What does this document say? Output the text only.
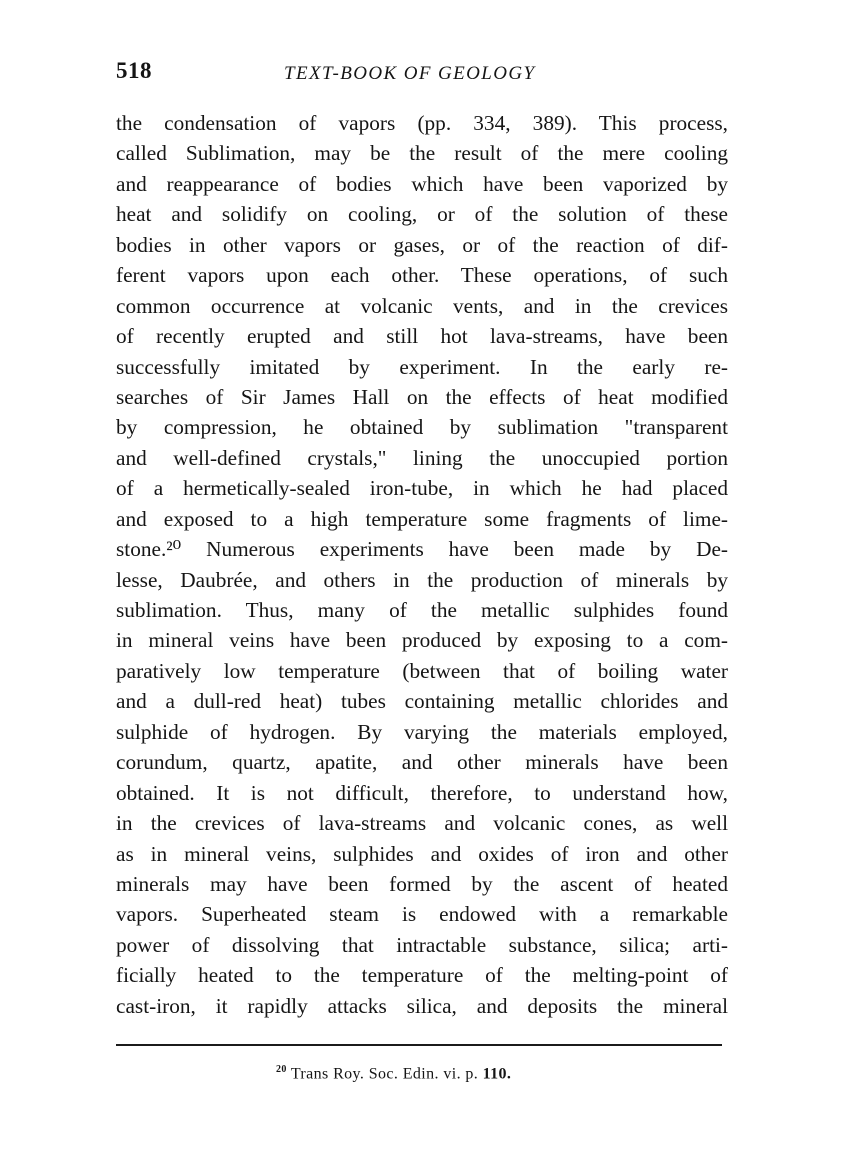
518	TEXT-BOOK OF GEOLOGY
the condensation of vapors (pp. 334, 389). This process,
called Sublimation, may be the result of the mere cooling
and reappearance of bodies which have been vaporized by
heat and solidify on cooling, or of the solution of these
bodies in other vapors or gases, or of the reaction of dif-
ferent vapors upon each other. These operations, of such
common occurrence at volcanic vents, and in the crevices
of recently erupted and still hot lava-streams, have been
successfully imitated by experiment. In the early re-
searches of Sir James Hall on the effects of heat modified
by compression, he obtained by sublimation "transparent
and well-defined crystals," lining the unoccupied portion
of a hermetically-sealed iron-tube, in which he had placed
and exposed to a high temperature some fragments of lime-
stone.²⁰ Numerous experiments have been made by De-
lesse, Daubrée, and others in the production of minerals by
sublimation. Thus, many of the metallic sulphides found
in mineral veins have been produced by exposing to a com-
paratively low temperature (between that of boiling water
and a dull-red heat) tubes containing metallic chlorides and
sulphide of hydrogen. By varying the materials employed,
corundum, quartz, apatite, and other minerals have been
obtained. It is not difficult, therefore, to understand how,
in the crevices of lava-streams and volcanic cones, as well
as in mineral veins, sulphides and oxides of iron and other
minerals may have been formed by the ascent of heated
vapors. Superheated steam is endowed with a remarkable
power of dissolving that intractable substance, silica; arti-
ficially heated to the temperature of the melting-point of
cast-iron, it rapidly attacks silica, and deposits the mineral
$^{20}$ Trans Roy. Soc. Edin. vi. p. 110.
